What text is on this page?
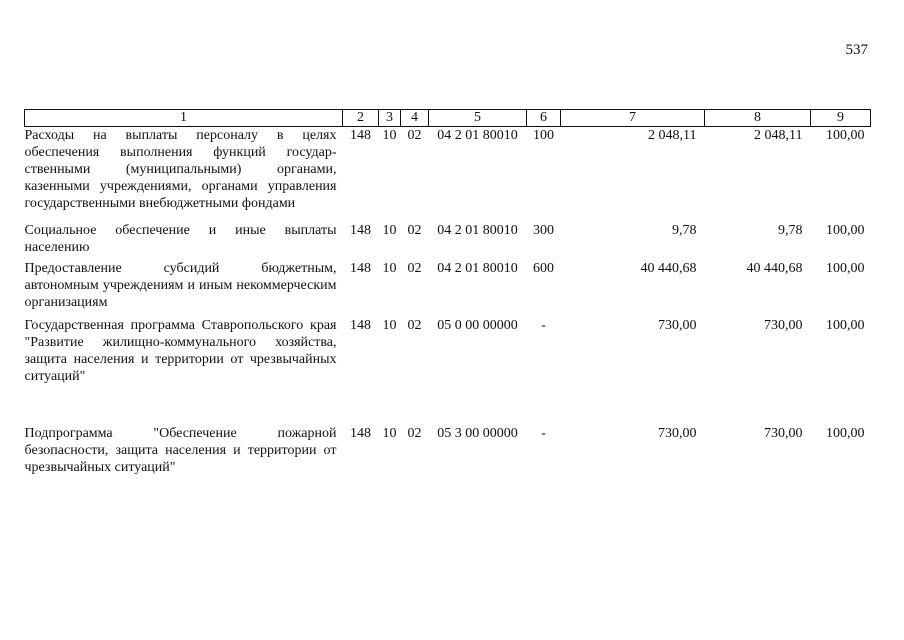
537
1	2	3	4	5	6	7	8	9
Расходы на выплаты персоналу в целях обеспечения выполнения функций государ-ственными (муниципальными) органами, казенными учреждениями, органами управления государственными внебюджетными фондами	148	10	02	04 2 01 80010	100	2 048,11	2 048,11	100,00

Социальное обеспечение и иные выплаты населению	148	10	02	04 2 01 80010	300	9,78	9,78	100,00

Предоставление субсидий бюджетным, автономным учреждениям и иным некоммерческим организациям	148	10	02	04 2 01 80010	600	40 440,68	40 440,68	100,00

Государственная программа Ставропольского края "Развитие жилищно-коммунального хозяйства, защита населения и территории от чрезвычайных ситуаций"	148	10	02	05 0 00 00000	-	730,00	730,00	100,00

Подпрограмма "Обеспечение пожарной безопасности, защита населения и территории от чрезвычайных ситуаций"	148	10	02	05 3 00 00000	-	730,00	730,00	100,00
